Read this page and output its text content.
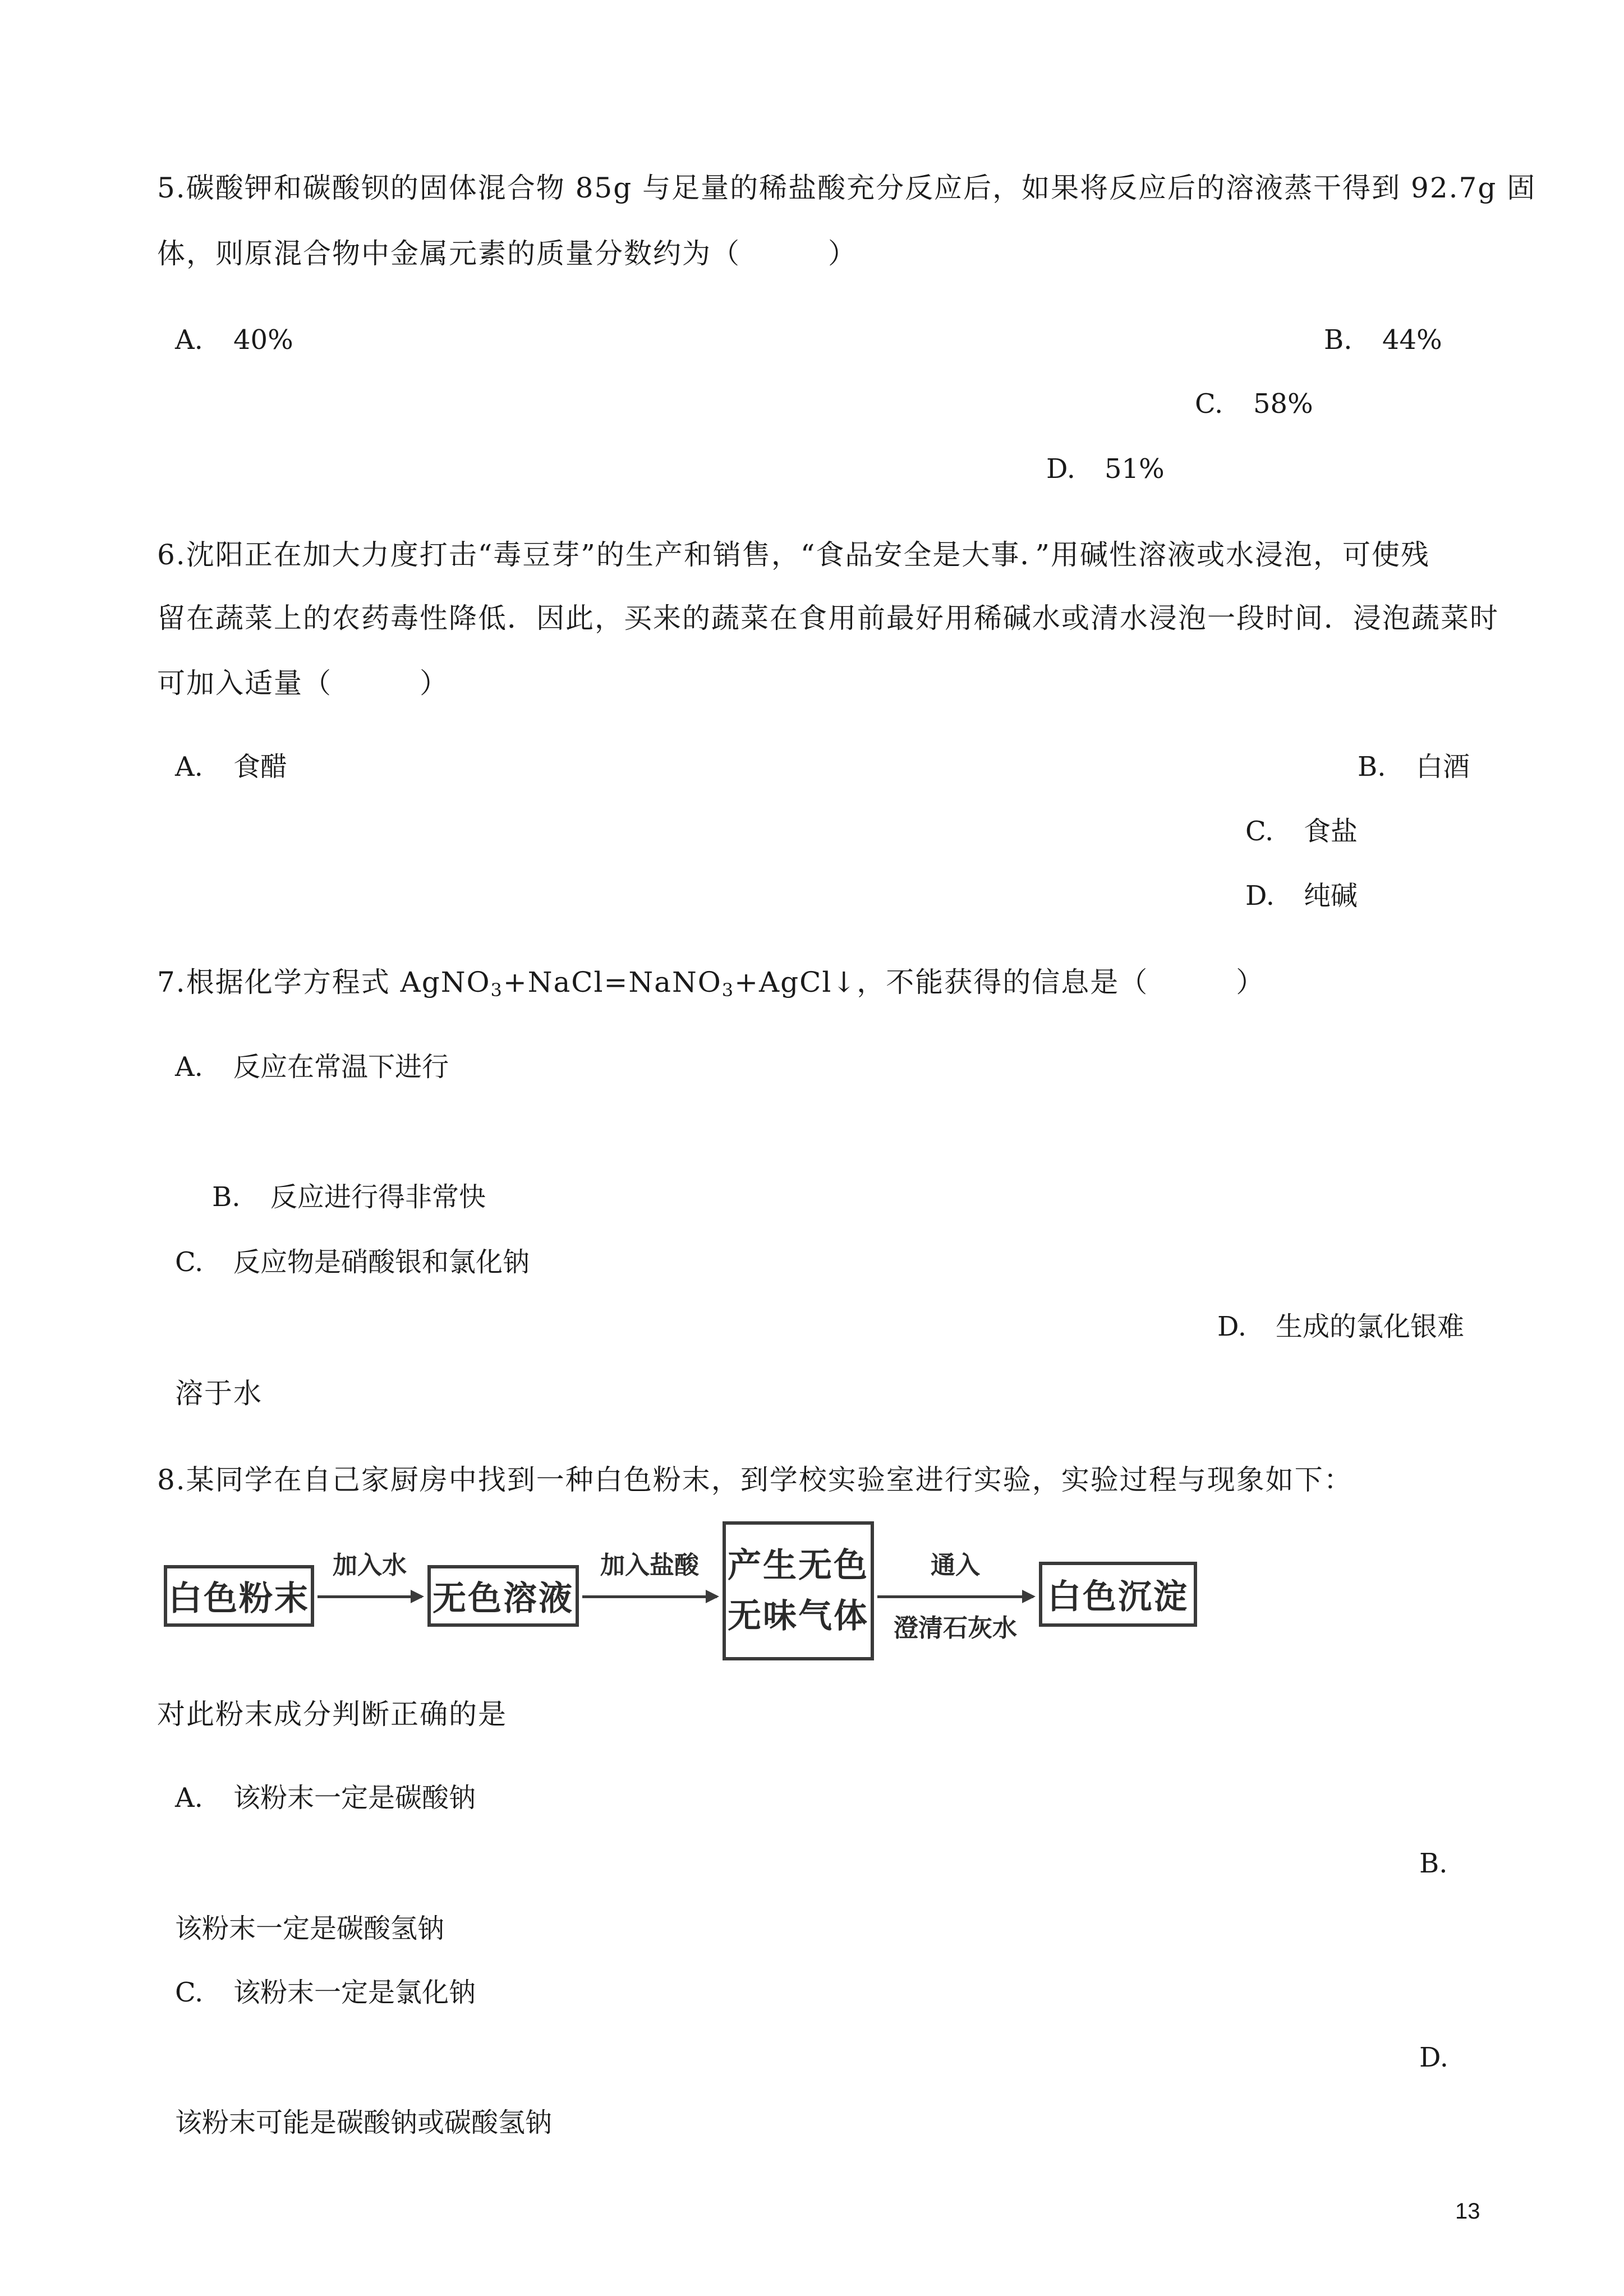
5.碳酸钾和碳酸钡的固体混合物 85g 与足量的稀盐酸充分反应后，如果将反应后的溶液蒸干得到 92.7g 固
体，则原混合物中金属元素的质量分数约为（　　　）
A. 40%	B. 44%
C. 58%
D. 51%
6.沈阳正在加大力度打击“毒豆芽”的生产和销售，“食品安全是大事．”用碱性溶液或水浸泡，可使残
留在蔬菜上的农药毒性降低．因此，买来的蔬菜在食用前最好用稀碱水或清水浸泡一段时间．浸泡蔬菜时
可加入适量（　　　）
A. 食醋	B. 白酒
C. 食盐
D. 纯碱
7.根据化学方程式 AgNO$_3$+NaCl=NaNO$_3$+AgCl↓，不能获得的信息是（　　　）
A. 反应在常温下进行
B. 反应进行得非常快
C. 反应物是硝酸银和氯化钠
D. 生成的氯化银难
溶于水
8.某同学在自己家厨房中找到一种白色粉末，到学校实验室进行实验，实验过程与现象如下：
白色粉末
加入水
无色溶液
加入盐酸 产生无色
无味气体
通入
澄清石灰水
白色沉淀
对此粉末成分判断正确的是
A. 该粉末一定是碳酸钠
B.
该粉末一定是碳酸氢钠
C. 该粉末一定是氯化钠
D.
该粉末可能是碳酸钠或碳酸氢钠
13
